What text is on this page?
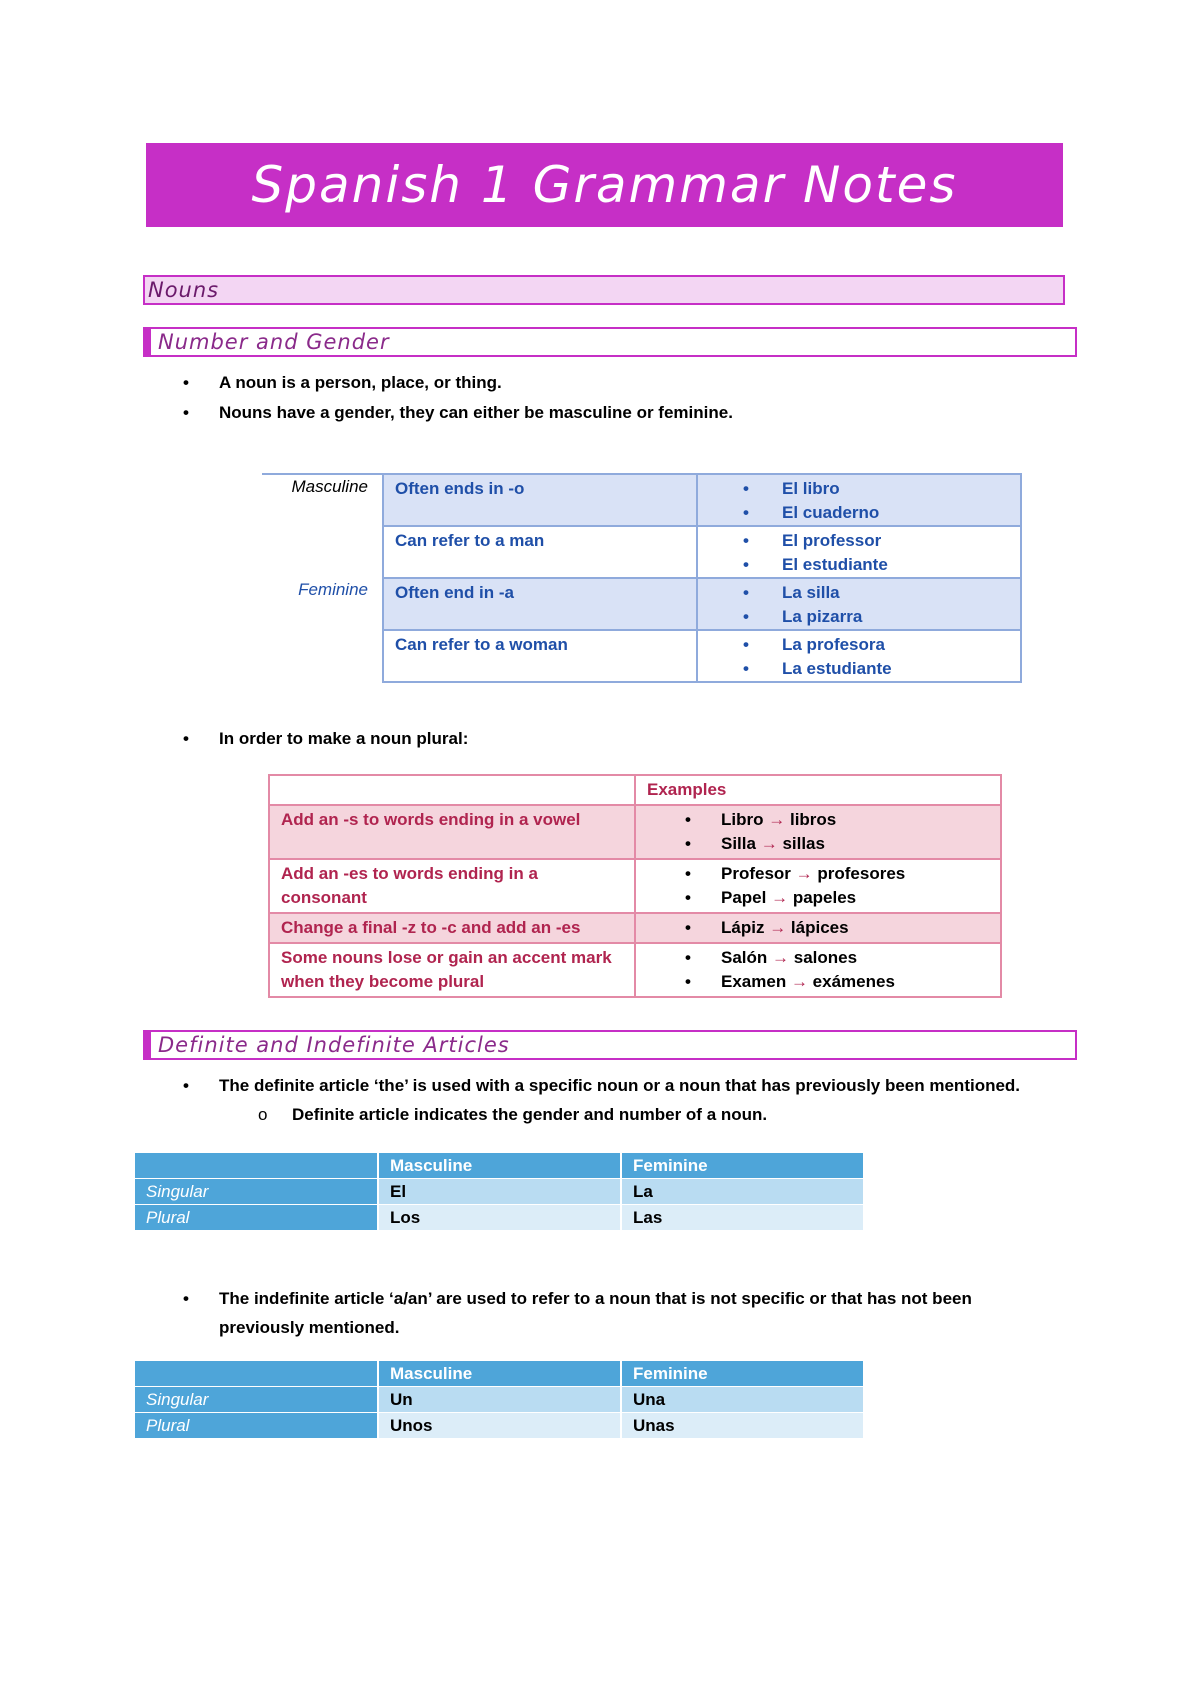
Spanish 1 Grammar Notes
Nouns
Number and Gender
• A noun is a person, place, or thing.
• Nouns have a gender, they can either be masculine or feminine.
Masculine	Often ends in -o	• El libro
• El cuaderno

	Can refer to a man	• El professor
• El estudiante

Feminine	Often end in -a	• La silla
• La pizarra

	Can refer to a woman	• La profesora
• La estudiante
• In order to make a noun plural:
	Examples
Add an -s to words ending in a vowel	• Libro → libros
• Silla → sillas

Add an -es to words ending in a consonant	• Profesor → profesores
• Papel → papeles

Change a final -z to -c and add an -es	• Lápiz → lápices

Some nouns lose or gain an accent mark when they become plural	• Salón → salones
• Examen → exámenes
Definite and Indefinite Articles
• The definite article ‘the’ is used with a specific noun or a noun that has previously been mentioned.
o Definite article indicates the gender and number of a noun.
	Masculine	Feminine
Singular	El	La
Plural	Los	Las
• The indefinite article ‘a/an’ are used to refer to a noun that is not specific or that has not been previously mentioned.
	Masculine	Feminine
Singular	Un	Una
Plural	Unos	Unas
